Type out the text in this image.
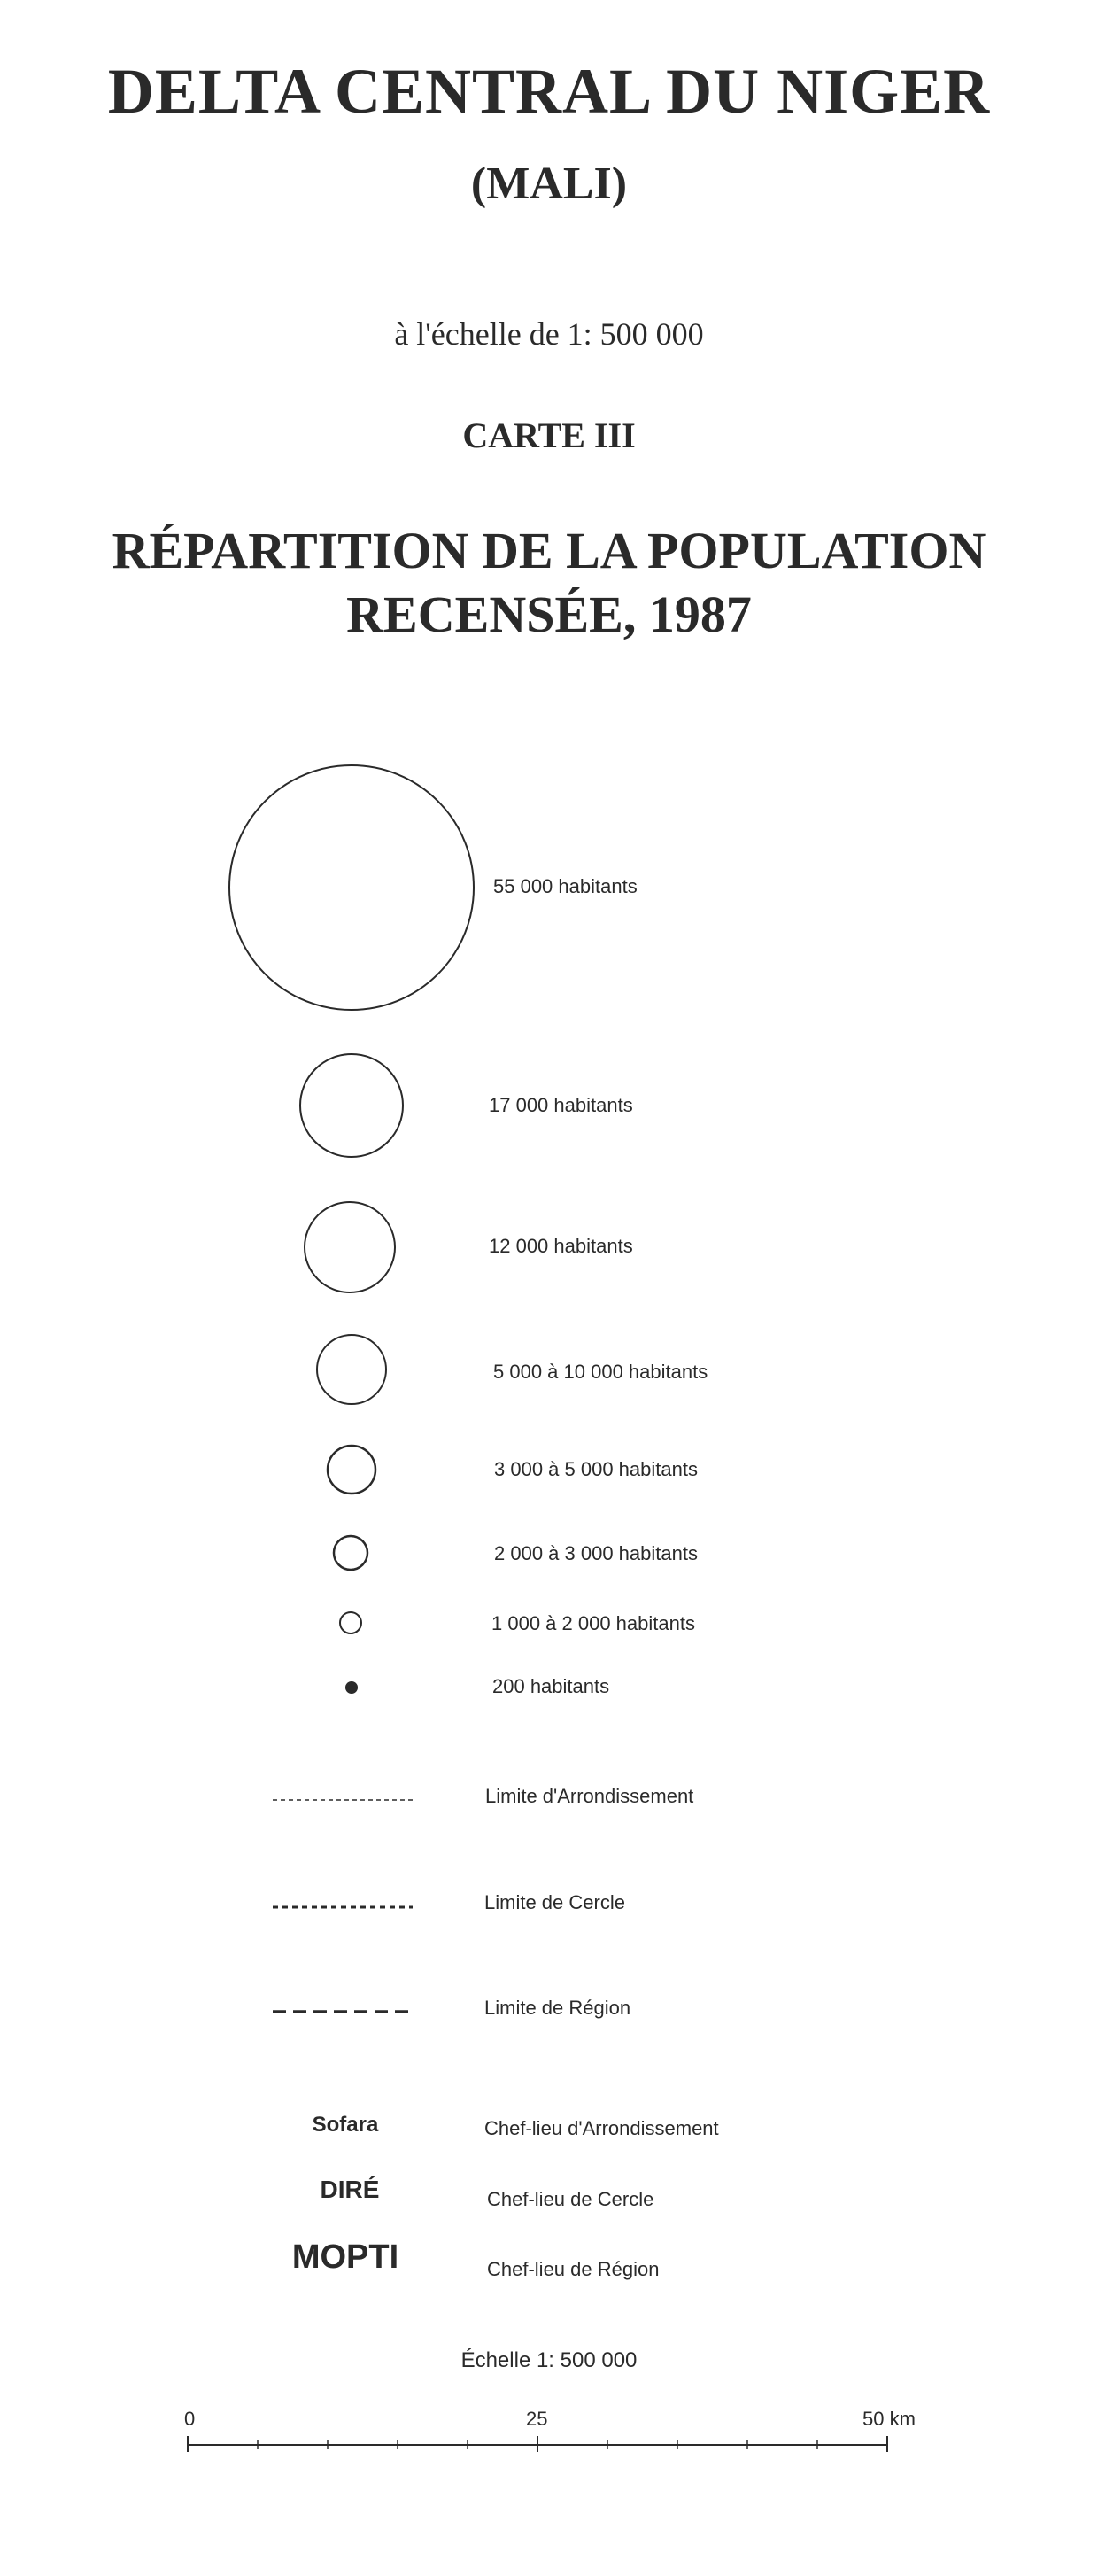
DELTA CENTRAL DU NIGER
(MALI)
à l'échelle de 1: 500 000
CARTE III
RÉPARTITION DE LA POPULATION
RECENSÉE, 1987
55 000 habitants
17 000 habitants
12 000 habitants
5 000 à 10 000 habitants
3 000 à 5 000 habitants
2 000 à 3 000 habitants
1 000 à 2 000 habitants
200 habitants
Limite d'Arrondissement
Limite de Cercle
Limite de Région
Sofara	Chef-lieu d'Arrondissement
DIRÉ	Chef-lieu de Cercle
MOPTI	Chef-lieu de Région
Échelle 1: 500 000
0	25	50 km
